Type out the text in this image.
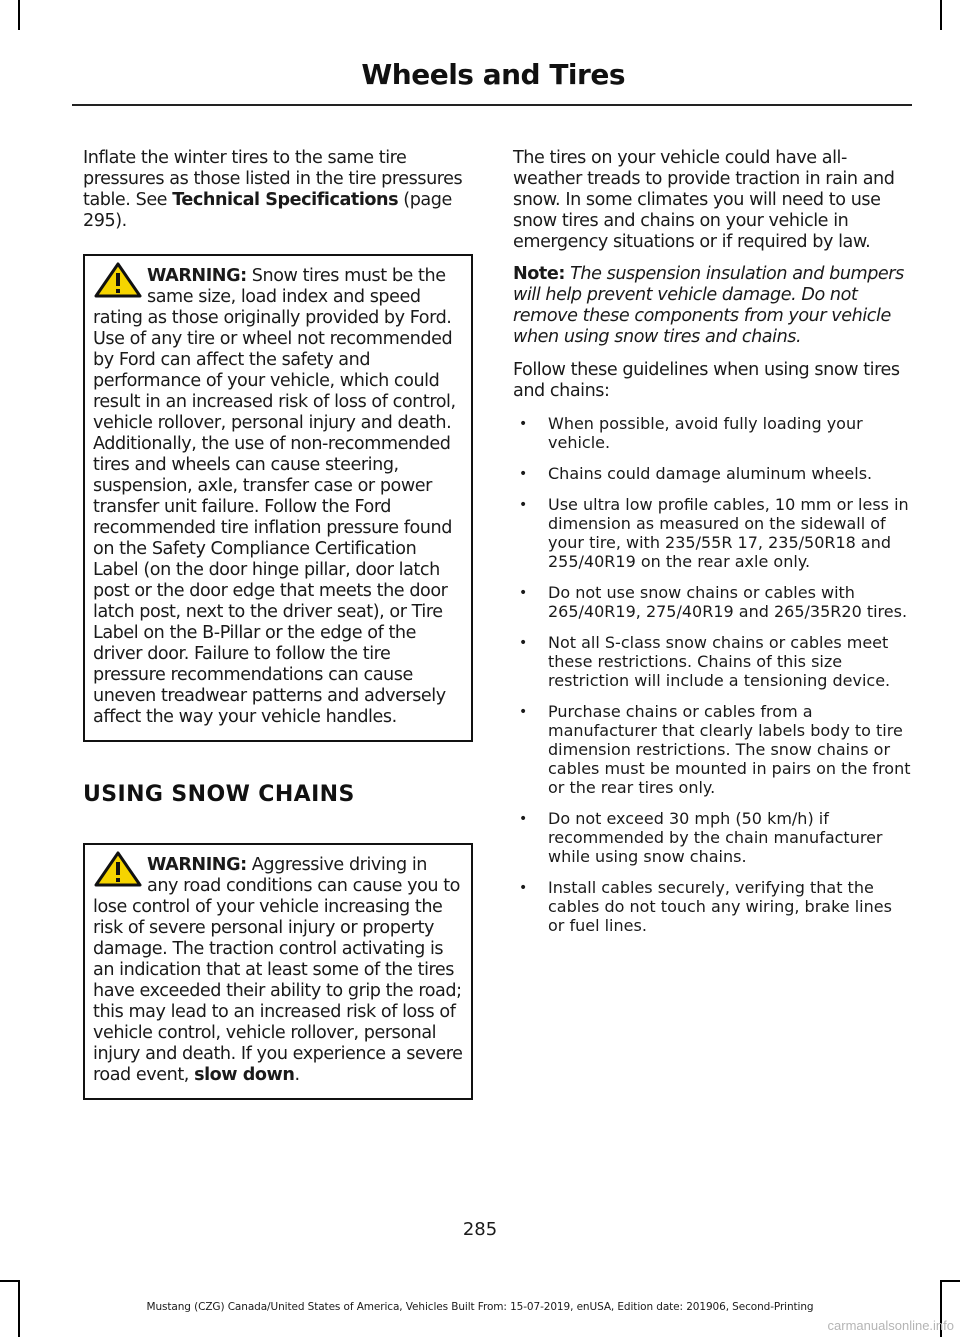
Wheels and Tires

Inflate the winter tires to the same tire pressures as those listed in the tire pressures table. See Technical Specifications (page 295).

WARNING: Snow tires must be the same size, load index and speed rating as those originally provided by Ford. Use of any tire or wheel not recommended by Ford can affect the safety and performance of your vehicle, which could result in an increased risk of loss of control, vehicle rollover, personal injury and death. Additionally, the use of non-recommended tires and wheels can cause steering, suspension, axle, transfer case or power transfer unit failure. Follow the Ford recommended tire inflation pressure found on the Safety Compliance Certification Label (on the door hinge pillar, door latch post or the door edge that meets the door latch post, next to the driver seat), or Tire Label on the B-Pillar or the edge of the driver door. Failure to follow the tire pressure recommendations can cause uneven treadwear patterns and adversely affect the way your vehicle handles.

USING SNOW CHAINS

WARNING: Aggressive driving in any road conditions can cause you to lose control of your vehicle increasing the risk of severe personal injury or property damage. The traction control activating is an indication that at least some of the tires have exceeded their ability to grip the road; this may lead to an increased risk of loss of vehicle control, vehicle rollover, personal injury and death. If you experience a severe road event, slow down.

The tires on your vehicle could have all-weather treads to provide traction in rain and snow. In some climates you will need to use snow tires and chains on your vehicle in emergency situations or if required by law.

Note: The suspension insulation and bumpers will help prevent vehicle damage. Do not remove these components from your vehicle when using snow tires and chains.

Follow these guidelines when using snow tires and chains:

• When possible, avoid fully loading your vehicle.
• Chains could damage aluminum wheels.
• Use ultra low profile cables, 10 mm or less in dimension as measured on the sidewall of your tire, with 235/55R 17, 235/50R18 and 255/40R19 on the rear axle only.
• Do not use snow chains or cables with 265/40R19, 275/40R19 and 265/35R20 tires.
• Not all S-class snow chains or cables meet these restrictions. Chains of this size restriction will include a tensioning device.
• Purchase chains or cables from a manufacturer that clearly labels body to tire dimension restrictions. The snow chains or cables must be mounted in pairs on the front or the rear tires only.
• Do not exceed 30 mph (50 km/h) if recommended by the chain manufacturer while using snow chains.
• Install cables securely, verifying that the cables do not touch any wiring, brake lines or fuel lines.
285
Mustang (CZG) Canada/United States of America, Vehicles Built From: 15-07-2019, enUSA, Edition date: 201906, Second-Printing
carmanualsonline.info
